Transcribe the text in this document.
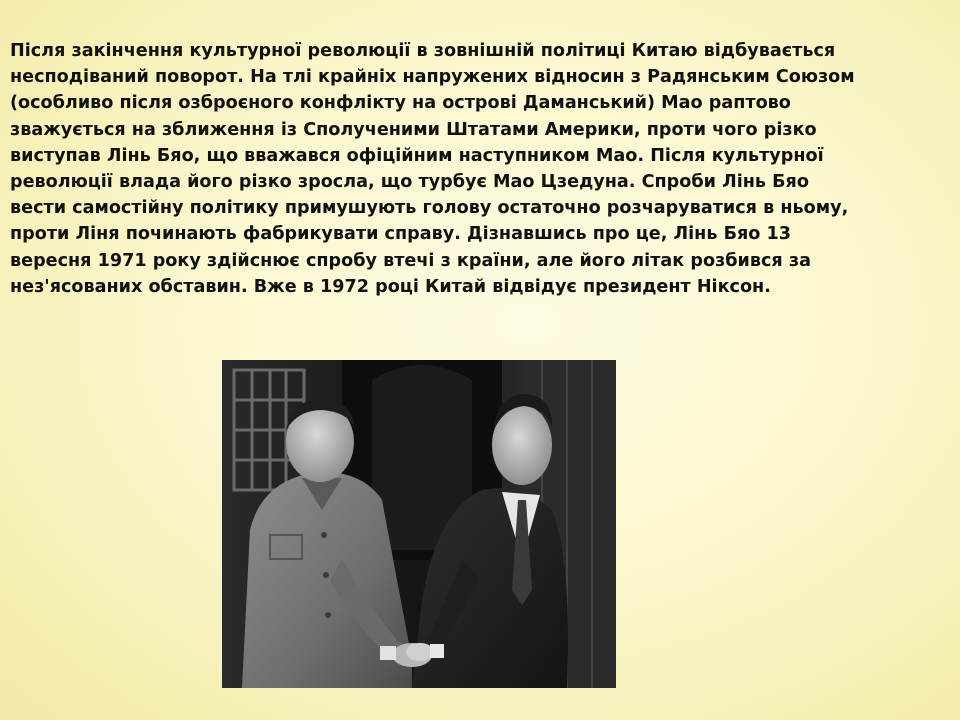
Після закінчення культурної революції в зовнішній політиці Китаю відбувається
несподіваний поворот. На тлі крайніх напружених відносин з Радянським Союзом
(особливо після озброєного конфлікту на острові Даманський) Мао раптово
зважується на зближення із Сполученими Штатами Америки, проти чого різко
виступав Лінь Бяо, що вважався офіційним наступником Мао. Після культурної
революції влада його різко зросла, що турбує Мао Цзедуна. Спроби Лінь Бяо
вести самостійну політику примушують голову остаточно розчаруватися в ньому,
проти Ліня починають фабрикувати справу. Дізнавшись про це, Лінь Бяо 13
вересня 1971 року здійснює спробу втечі з країни, але його літак розбився за
нез'ясованих обставин. Вже в 1972 році Китай відвідує президент Ніксон.
